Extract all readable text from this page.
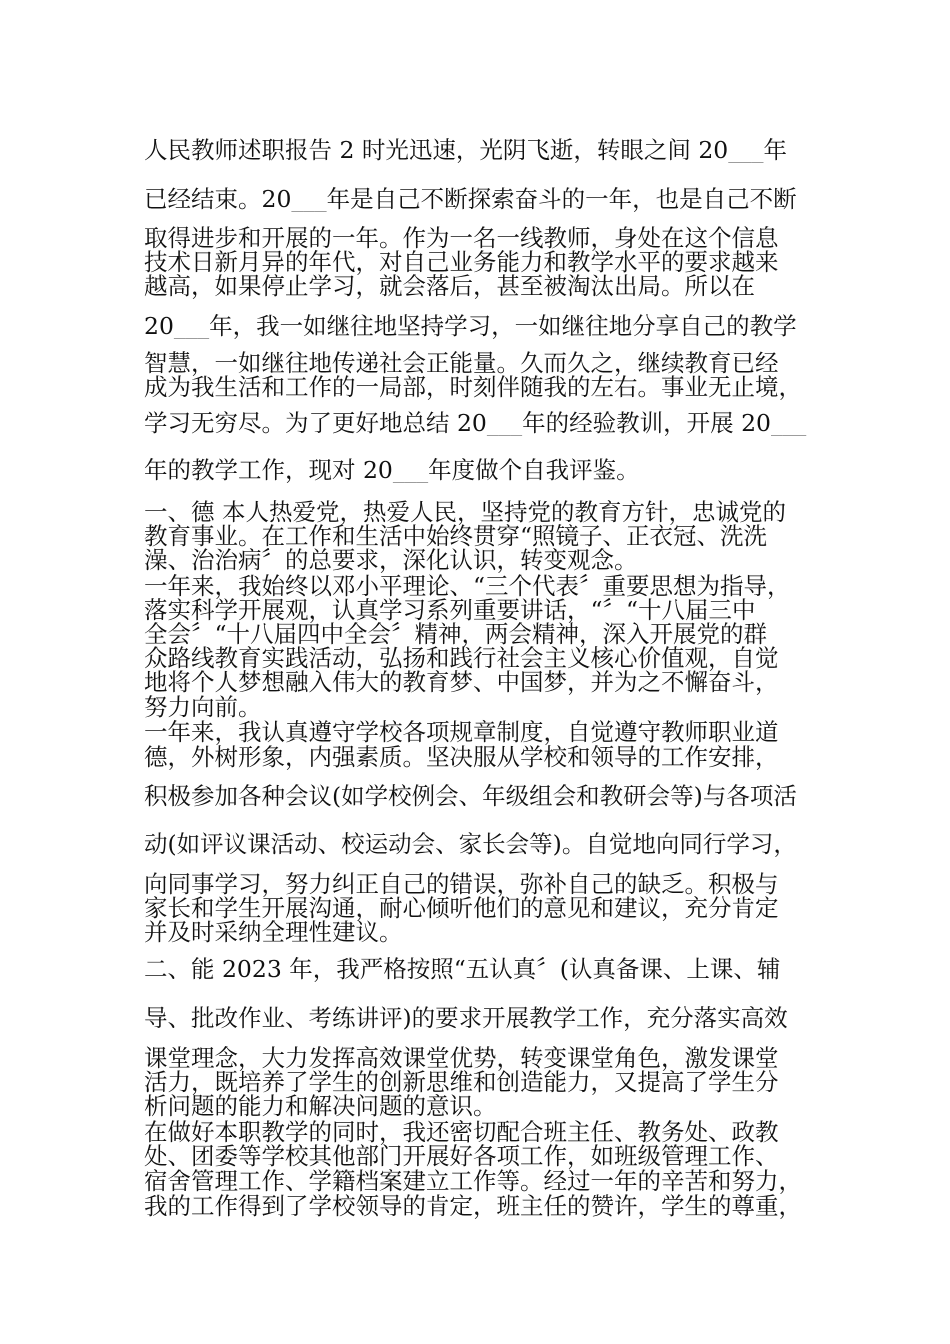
人民教师述职报告 2 时光迅速，光阴飞逝，转眼之间 20___年
已经结束。20___年是自己不断探索奋斗的一年，也是自己不断
取得进步和开展的一年。作为一名一线教师，身处在这个信息
技术日新月异的年代，对自己业务能力和教学水平的要求越来
越高，如果停止学习，就会落后，甚至被淘汰出局。所以在
20___年，我一如继往地坚持学习，一如继往地分享自己的教学
智慧，一如继往地传递社会正能量。久而久之，继续教育已经
成为我生活和工作的一局部，时刻伴随我的左右。事业无止境，
学习无穷尽。为了更好地总结 20___年的经验教训，开展 20___
年的教学工作，现对 20___年度做个自我评鉴。
一、德 本人热爱党，热爱人民，坚持党的教育方针，忠诚党的
教育事业。在工作和生活中始终贯穿“照镜子、正衣冠、洗洗
澡、治治病〞的总要求，深化认识，转变观念。
一年来，我始终以邓小平理论、“三个代表〞重要思想为指导，
落实科学开展观，认真学习系列重要讲话，“〞“十八届三中
全会〞“十八届四中全会〞精神，两会精神，深入开展党的群
众路线教育实践活动，弘扬和践行社会主义核心价值观，自觉
地将个人梦想融入伟大的教育梦、中国梦，并为之不懈奋斗，
努力向前。
一年来，我认真遵守学校各项规章制度，自觉遵守教师职业道
德，外树形象，内强素质。坚决服从学校和领导的工作安排，
积极参加各种会议(如学校例会、年级组会和教研会等)与各项活
动(如评议课活动、校运动会、家长会等)。自觉地向同行学习，
向同事学习，努力纠正自己的错误，弥补自己的缺乏。积极与
家长和学生开展沟通，耐心倾听他们的意见和建议，充分肯定
并及时采纳全理性建议。
二、能 2023 年，我严格按照“五认真〞(认真备课、上课、辅
导、批改作业、考练讲评)的要求开展教学工作，充分落实高效
课堂理念，大力发挥高效课堂优势，转变课堂角色，激发课堂
活力，既培养了学生的创新思维和创造能力，又提高了学生分
析问题的能力和解决问题的意识。
在做好本职教学的同时，我还密切配合班主任、教务处、政教
处、团委等学校其他部门开展好各项工作，如班级管理工作、
宿舍管理工作、学籍档案建立工作等。经过一年的辛苦和努力，
我的工作得到了学校领导的肯定，班主任的赞许，学生的尊重，
